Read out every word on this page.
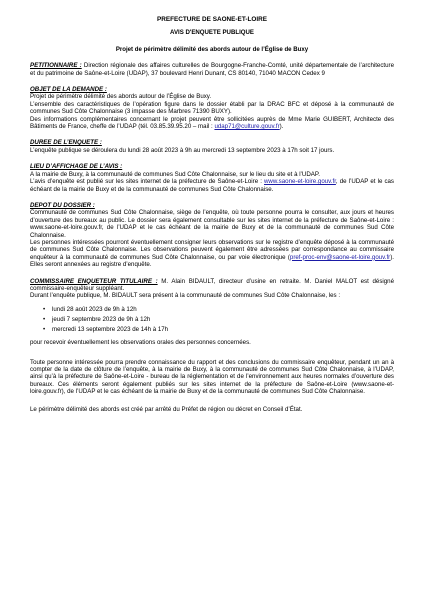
PREFECTURE DE SAONE-ET-LOIRE
AVIS D'ENQUETE PUBLIQUE
Projet de périmètre délimité des abords autour de l’Église de Buxy

PETITIONNAIRE : Direction régionale des affaires culturelles de Bourgogne-Franche-Comté, unité départementale de l’architecture et du patrimoine de Saône-et-Loire (UDAP), 37 boulevard Henri Dunant, CS 80140, 71040 MACON Cedex 9

OBJET DE LA DEMANDE :

Projet de périmètre délimité des abords autour de l’Église de Buxy.

L’ensemble des caractéristiques de l’opération figure dans le dossier établi par la DRAC BFC et déposé à la communauté de communes Sud Côte Chalonnaise (3 impasse des Marbres 71390 BUXY).

Des informations complémentaires concernant le projet peuvent être sollicitées auprès de Mme Marie GUIBERT, Architecte des Bâtiments de France, cheffe de l’UDAP (tél. 03.85.39.95.20 – mail : udap71@culture.gouv.fr).

DUREE DE L’ENQUETE :

L’enquête publique se déroulera du lundi 28 août 2023 à 9h au mercredi 13 septembre 2023 à 17h soit 17 jours.

LIEU D’AFFICHAGE DE L’AVIS :

A la mairie de Buxy, à la communauté de communes Sud Côte Chalonnaise, sur le lieu du site et à l’UDAP.

L’avis d’enquête est publié sur les sites internet de la préfecture de Saône-et-Loire : www.saone-et-loire.gouv.fr, de l’UDAP et le cas échéant de la mairie de Buxy et de la communauté de communes Sud Côte Chalonnaise.

DEPOT DU DOSSIER :

Communauté de communes Sud Côte Chalonnaise, siège de l’enquête, où toute personne pourra le consulter, aux jours et heures d’ouverture des bureaux au public. Le dossier sera également consultable sur les sites internet de la préfecture de Saône-et-Loire : www.saone-et-loire.gouv.fr, de l’UDAP et le cas échéant de la mairie de Buxy et de la communauté de communes Sud Côte Chalonnaise.

Les personnes intéressées pourront éventuellement consigner leurs observations sur le registre d’enquête déposé à la communauté de communes Sud Côte Chalonnaise. Les observations peuvent également être adressées par correspondance au commissaire enquêteur à la communauté de communes Sud Côte Chalonnaise, ou par voie électronique (pref-proc-env@saone-et-loire.gouv.fr). Elles seront annexées au registre d’enquête.

COMMISSAIRE ENQUETEUR TITULAIRE : M. Alain BIDAULT, directeur d’usine en retraite. M. Daniel MALOT est désigné commissaire-enquêteur suppléant.

Durant l’enquête publique, M. BIDAULT sera présent à la communauté de communes Sud Côte Chalonnaise, les :

• lundi 28 août 2023 de 9h à 12h
• jeudi 7 septembre 2023 de 9h à 12h
• mercredi 13 septembre 2023 de 14h à 17h

pour recevoir éventuellement les observations orales des personnes concernées.

Toute personne intéressée pourra prendre connaissance du rapport et des conclusions du commissaire enquêteur, pendant un an à compter de la date de clôture de l’enquête, à la mairie de Buxy, à la communauté de communes Sud Côte Chalonnaise, à l’UDAP, ainsi qu’à la préfecture de Saône-et-Loire - bureau de la réglementation et de l’environnement aux heures normales d’ouverture des bureaux. Ces éléments seront également publiés sur les sites internet de la préfecture de Saône-et-Loire (www.saone-et-loire.gouv.fr), de l’UDAP et le cas échéant de la mairie de Buxy et de la communauté de communes Sud Côte Chalonnaise.

Le périmètre délimité des abords est créé par arrêté du Préfet de région ou décret en Conseil d’État.
